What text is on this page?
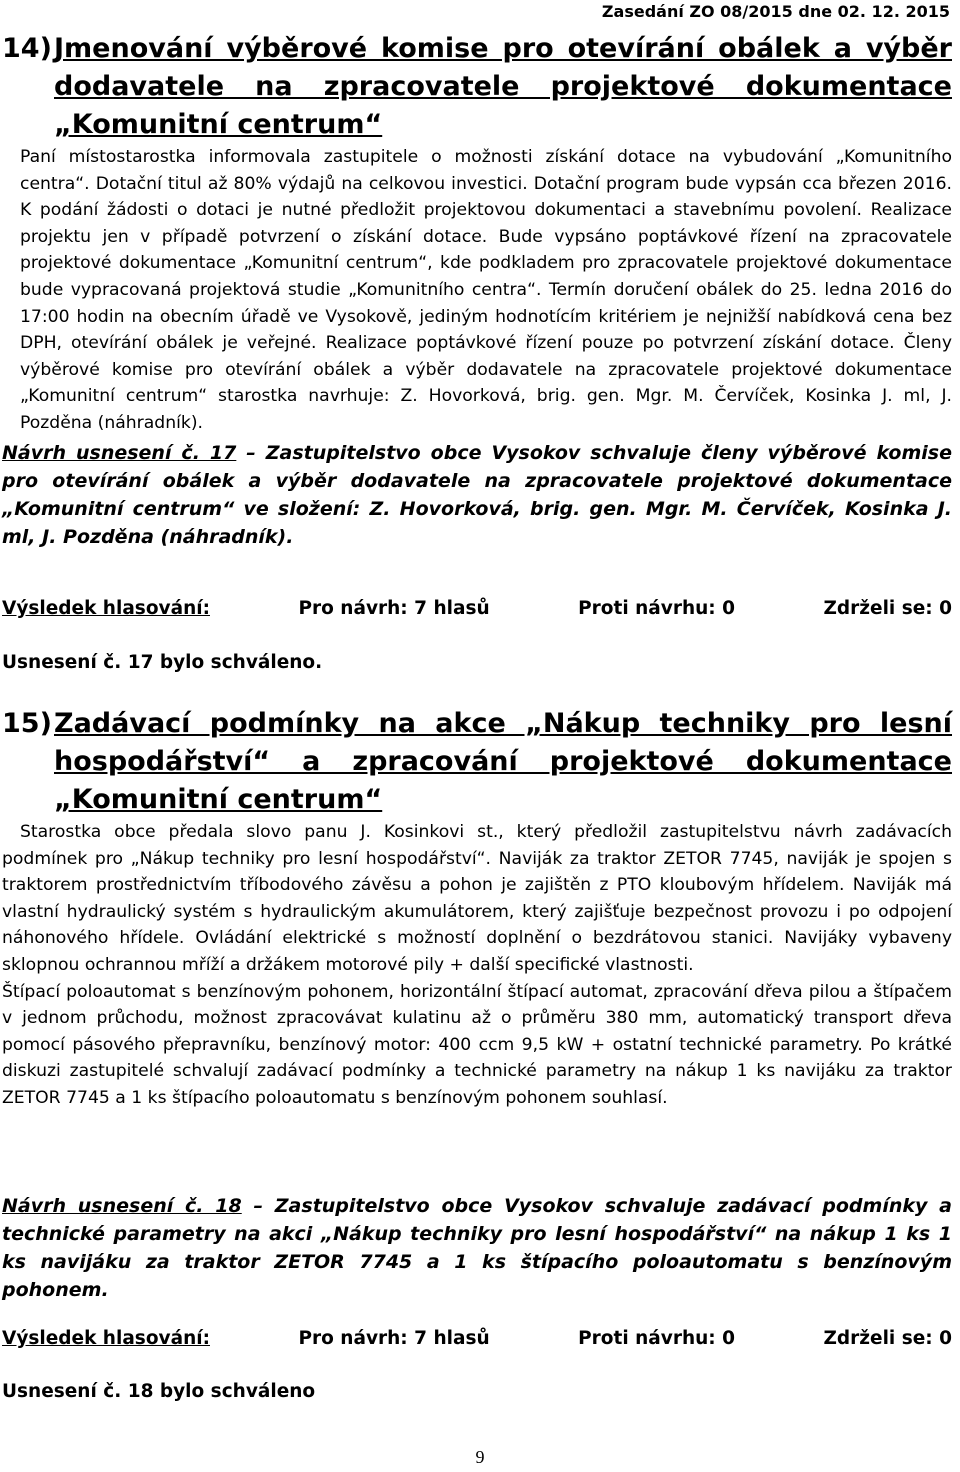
Zasedání ZO 08/2015 dne 02. 12. 2015
14) Jmenování výběrové komise pro otevírání obálek a výběr dodavatele na zpracovatele projektové dokumentace „Komunitní centrum“
Paní místostarostka informovala zastupitele o možnosti získání dotace na vybudování „Komunitního centra“. Dotační titul až 80% výdajů na celkovou investici. Dotační program bude vypsán cca březen 2016. K podání žádosti o dotaci je nutné předložit projektovou dokumentaci a stavebnímu povolení. Realizace projektu jen v případě potvrzení o získání dotace. Bude vypsáno poptávkové řízení na zpracovatele projektové dokumentace „Komunitní centrum“, kde podkladem pro zpracovatele projektové dokumentace bude vypracovaná projektová studie „Komunitního centra“. Termín doručení obálek do 25. ledna 2016 do 17:00 hodin na obecním úřadě ve Vysokově, jediným hodnotícím kritériem je nejnižší nabídková cena bez DPH, otevírání obálek je veřejné. Realizace poptávkové řízení pouze po potvrzení získání dotace. Členy výběrové komise pro otevírání obálek a výběr dodavatele na zpracovatele projektové dokumentace „Komunitní centrum“ starostka navrhuje: Z. Hovorková, brig. gen. Mgr. M. Červíček, Kosinka J. ml, J. Pozděna (náhradník).
Návrh usnesení č. 17 – Zastupitelstvo obce Vysokov schvaluje členy výběrové komise pro otevírání obálek a výběr dodavatele na zpracovatele projektové dokumentace „Komunitní centrum“ ve složení: Z. Hovorková, brig. gen. Mgr. M. Červíček, Kosinka J. ml, J. Pozděna (náhradník).
Výsledek hlasování:	Pro návrh: 7 hlasů	Proti návrhu: 0	Zdrželi se: 0
Usnesení č. 17 bylo schváleno.
15) Zadávací podmínky na akce „Nákup techniky pro lesní hospodářství“ a zpracování projektové dokumentace „Komunitní centrum“
Starostka obce předala slovo panu J. Kosinkovi st., který předložil zastupitelstvu návrh zadávacích podmínek pro „Nákup techniky pro lesní hospodářství“. Naviják za traktor ZETOR 7745, naviják je spojen s traktorem prostřednictvím tříbodového závěsu a pohon je zajištěn z PTO kloubovým hřídelem. Naviják má vlastní hydraulický systém s hydraulickým akumulátorem, který zajišťuje bezpečnost provozu i po odpojení náhonového hřídele. Ovládání elektrické s možností doplnění o bezdrátovou stanici. Navijáky vybaveny sklopnou ochrannou mříží a držákem motorové pily + další specifické vlastnosti.
Štípací poloautomat s benzínovým pohonem, horizontální štípací automat, zpracování dřeva pilou a štípačem v jednom průchodu, možnost zpracovávat kulatinu až o průměru 380 mm, automatický transport dřeva pomocí pásového přepravníku, benzínový motor: 400 ccm 9,5 kW + ostatní technické parametry. Po krátké diskuzi zastupitelé schvalují zadávací podmínky a technické parametry na nákup 1 ks navijáku za traktor ZETOR 7745 a 1 ks štípacího poloautomatu s benzínovým pohonem souhlasí.
Návrh usnesení č. 18 – Zastupitelstvo obce Vysokov schvaluje zadávací podmínky a technické parametry na akci „Nákup techniky pro lesní hospodářství“ na nákup 1 ks 1 ks navijáku za traktor ZETOR 7745 a 1 ks štípacího poloautomatu s benzínovým pohonem.
Výsledek hlasování:	Pro návrh: 7 hlasů	Proti návrhu: 0	Zdrželi se: 0
Usnesení č. 18 bylo schváleno
9
